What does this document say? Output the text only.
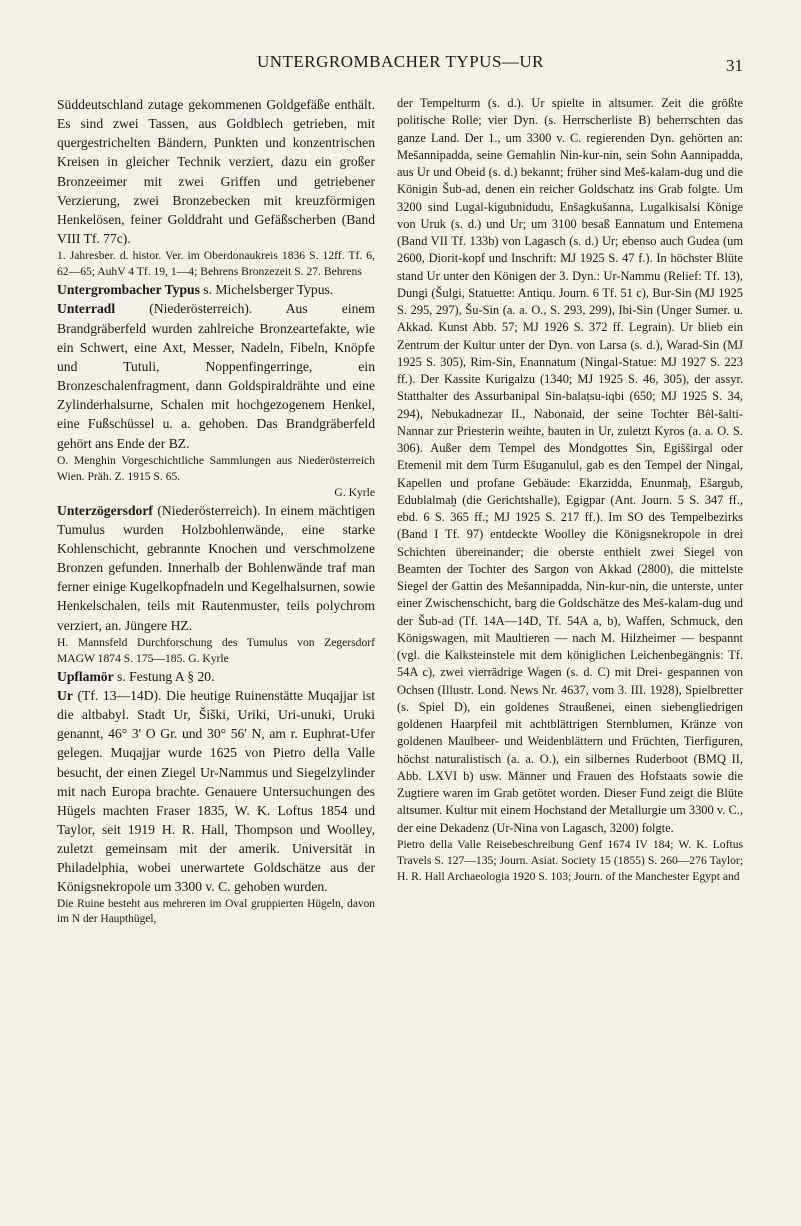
UNTERGROMBACHER TYPUS—UR	31

Süddeutschland zutage gekommenen Goldgefäße enthält. Es sind zwei Tassen, aus Goldblech getrieben, mit quergestrichelten Bändern, Punkten und konzentrischen Kreisen in gleicher Technik verziert, dazu ein großer Bronzeeimer mit zwei Griffen und getriebener Verzierung, zwei Bronzebecken mit kreuzförmigen Henkelösen, feiner Golddraht und Gefäßscherben (Band VIII Tf. 77c).

1. Jahresber. d. histor. Ver. im Oberdonaukreis 1836 S. 12ff. Tf. 6, 62—65; AuhV 4 Tf. 19, 1—4; Behrens Bronzezeit S. 27. Behrens

Untergrombacher Typus s. Michelsberger Typus.

Unterradl (Niederösterreich). Aus einem Brandgräberfeld wurden zahlreiche Bronzeartefakte, wie ein Schwert, eine Axt, Messer, Nadeln, Fibeln, Knöpfe und Tutuli, Noppenfingerringe, ein Bronzeschalenfragment, dann Goldspiraldrähte und eine Zylinderhalsurne, Schalen mit hochgezogenem Henkel, eine Fußschüssel u. a. gehoben. Das Brandgräberfeld gehört ans Ende der BZ.

O. Menghin Vorgeschichtliche Sammlungen aus Niederösterreich Wien. Präh. Z. 1915 S. 65.

G. Kyrle

Unterzögersdorf (Niederösterreich). In einem mächtigen Tumulus wurden Holzbohlenwände, eine starke Kohlenschicht, gebrannte Knochen und verschmolzene Bronzen gefunden. Innerhalb der Bohlenwände traf man ferner einige Kugelkopfnadeln und Kegelhalsurnen, sowie Henkelschalen, teils mit Rautenmuster, teils polychrom verziert, an. Jüngere HZ.

H. Mannsfeld Durchforschung des Tumulus von Zegersdorf MAGW 1874 S. 175—185. G. Kyrle

Upflamör s. Festung A § 20.

Ur (Tf. 13—14D). Die heutige Ruinenstätte Muqajjar ist die altbabyl. Stadt Ur, Šiški, Uriki, Uri-unuki, Uruki genannt, 46° 3' O Gr. und 30° 56' N, am r. Euphrat-Ufer gelegen. Muqajjar wurde 1625 von Pietro della Valle besucht, der einen Ziegel Ur-Nammus und Siegelzylinder mit nach Europa brachte. Genauere Untersuchungen des Hügels machten Fraser 1835, W. K. Loftus 1854 und Taylor, seit 1919 H. R. Hall, Thompson und Woolley, zuletzt gemeinsam mit der amerik. Universität in Philadelphia, wobei unerwartete Goldschätze aus der Königsnekropole um 3300 v. C. gehoben wurden.

Die Ruine besteht aus mehreren im Oval gruppierten Hügeln, davon im N der Haupthügel,

der Tempelturm (s. d.). Ur spielte in altsumer. Zeit die größte politische Rolle; vier Dyn. (s. Herrscherliste B) beherrschten das ganze Land. Der 1., um 3300 v. C. regierenden Dyn. gehörten an: Mešannipadda, seine Gemahlin Nin-kur-nin, sein Sohn Aannipadda, aus Ur und Obeid (s. d.) bekannt; früher sind Meš-kalam-dug und die Königin Šub-ad, denen ein reicher Goldschatz ins Grab folgte. Um 3200 sind Lugal-kigubnidudu, Enšagkušanna, Lugalkisalsi Könige von Uruk (s. d.) und Ur; um 3100 besaß Eannatum und Entemena (Band VII Tf. 133b) von Lagasch (s. d.) Ur; ebenso auch Gudea (um 2600, Diorit-kopf und Inschrift: MJ 1925 S. 47 f.). In höchster Blüte stand Ur unter den Königen der 3. Dyn.: Ur-Nammu (Relief: Tf. 13), Dungi (Šulgi, Statuette: Antiqu. Journ. 6 Tf. 51 c), Bur-Sin (MJ 1925 S. 295, 297), Šu-Sin (a. a. O., S. 293, 299), Ibi-Sin (Unger Sumer. u. Akkad. Kunst Abb. 57; MJ 1926 S. 372 ff. Legrain). Ur blieb ein Zentrum der Kultur unter der Dyn. von Larsa (s. d.), Warad-Sin (MJ 1925 S. 305), Rim-Sin, Enannatum (Ningal-Statue: MJ 1927 S. 223 ff.). Der Kassite Kurigalzu (1340; MJ 1925 S. 46, 305), der assyr. Statthalter des Assurbanipal Sin-balaṭsu-iqbi (650; MJ 1925 S. 34, 294), Nebukadnezar II., Nabonaid, der seine Tochter Bêl-šalti-Nannar zur Priesterin weihte, bauten in Ur, zuletzt Kyros (a. a. O. S. 306). Außer dem Tempel des Mondgottes Sin, Egišširgal oder Etemenil mit dem Turm Ešuganulul, gab es den Tempel der Ningal, Kapellen und profane Gebäude: Ekarzidda, Enunmaḫ, Ešargub, Edublalmaḫ (die Gerichtshalle), Egigpar (Ant. Journ. 5 S. 347 ff., ebd. 6 S. 365 ff.; MJ 1925 S. 217 ff.). Im SO des Tempelbezirks (Band I Tf. 97) entdeckte Woolley die Königsnekropole in drei Schichten übereinander; die oberste enthielt zwei Siegel von Beamten der Tochter des Sargon von Akkad (2800), die mittelste Siegel der Gattin des Mešannipadda, Nin-kur-nin, die unterste, unter einer Zwischenschicht, barg die Goldschätze des Meš-kalam-dug und der Šub-ad (Tf. 14A—14D, Tf. 54A a, b), Waffen, Schmuck, den Königswagen, mit Maultieren — nach M. Hilzheimer — bespannt (vgl. die Kalksteinstele mit dem königlichen Leichenbegängnis: Tf. 54A c), zwei vierrädrige Wagen (s. d. C) mit Drei- gespannen von Ochsen (Illustr. Lond. News Nr. 4637, vom 3. III. 1928), Spielbretter (s. Spiel D), ein goldenes Straußenei, einen siebengliedrigen goldenen Haarpfeil mit achtblättrigen Sternblumen, Kränze von goldenen Maulbeer- und Weidenblättern und Früchten, Tierfiguren, höchst naturalistisch (a. a. O.), ein silbernes Ruderboot (BMQ II, Abb. LXVI b) usw. Männer und Frauen des Hofstaats sowie die Zugtiere waren im Grab getötet worden. Dieser Fund zeigt die Blüte altsumer. Kultur mit einem Hochstand der Metallurgie um 3300 v. C., der eine Dekadenz (Ur-Nina von Lagasch, 3200) folgte.

Pietro della Valle Reisebeschreibung Genf 1674 IV 184; W. K. Loftus Travels S. 127—135; Journ. Asiat. Society 15 (1855) S. 260—276 Taylor; H. R. Hall Archaeologia 1920 S. 103; Journ. of the Manchester Egypt and
